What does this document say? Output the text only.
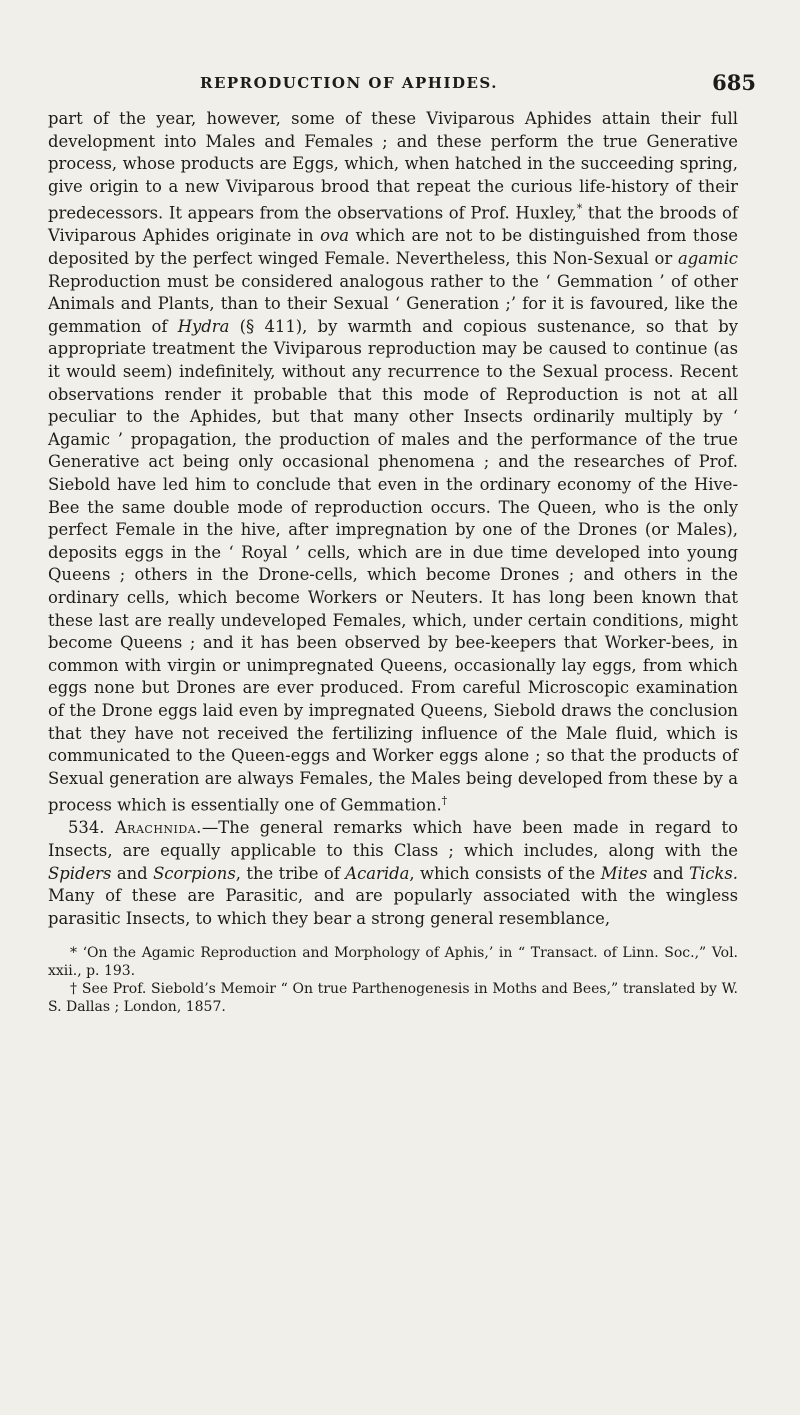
REPRODUCTION OF APHIDES.	685

part of the year, however, some of these Viviparous Aphides attain their full development into Males and Females ; and these perform the true Generative process, whose products are Eggs, which, when hatched in the succeeding spring, give origin to a new Viviparous brood that repeat the curious life-history of their predecessors. It appears from the observations of Prof. Huxley,* that the broods of Viviparous Aphides originate in ova which are not to be distinguished from those deposited by the perfect winged Female. Nevertheless, this Non-Sexual or agamic Reproduction must be considered analogous rather to the ‘ Gemmation ’ of other Animals and Plants, than to their Sexual ‘ Generation ;’ for it is favoured, like the gemmation of Hydra (§ 411), by warmth and copious sustenance, so that by appropriate treatment the Viviparous reproduction may be caused to continue (as it would seem) indefinitely, without any recurrence to the Sexual process. Recent observations render it probable that this mode of Reproduction is not at all peculiar to the Aphides, but that many other Insects ordinarily multiply by ‘ Agamic ’ propagation, the production of males and the performance of the true Generative act being only occasional phenomena ; and the researches of Prof. Siebold have led him to conclude that even in the ordinary economy of the Hive-Bee the same double mode of reproduction occurs. The Queen, who is the only perfect Female in the hive, after impregnation by one of the Drones (or Males), deposits eggs in the ‘ Royal ’ cells, which are in due time developed into young Queens ; others in the Drone-cells, which become Drones ; and others in the ordinary cells, which become Workers or Neuters. It has long been known that these last are really undeveloped Females, which, under certain conditions, might become Queens ; and it has been observed by bee-keepers that Worker-bees, in common with virgin or unimpregnated Queens, occasionally lay eggs, from which eggs none but Drones are ever produced. From careful Microscopic examination of the Drone eggs laid even by impregnated Queens, Siebold draws the conclusion that they have not received the fertilizing influence of the Male fluid, which is communicated to the Queen-eggs and Worker eggs alone ; so that the products of Sexual generation are always Females, the Males being developed from these by a process which is essentially one of Gemmation.†

534. Arachnida.—The general remarks which have been made in regard to Insects, are equally applicable to this Class ; which includes, along with the Spiders and Scorpions, the tribe of Acarida, which consists of the Mites and Ticks. Many of these are Parasitic, and are popularly associated with the wingless parasitic Insects, to which they bear a strong general resemblance,

* ‘On the Agamic Reproduction and Morphology of Aphis,’ in “ Transact. of Linn. Soc.,” Vol. xxii., p. 193.

† See Prof. Siebold’s Memoir “ On true Parthenogenesis in Moths and Bees,” translated by W. S. Dallas ; London, 1857.
